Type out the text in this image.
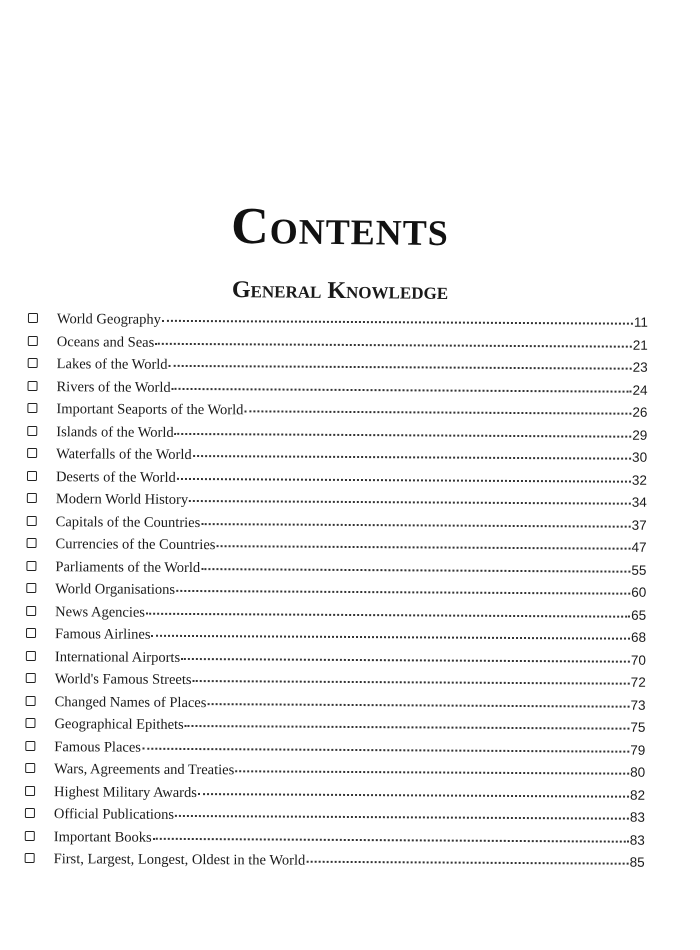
Contents
General Knowledge
World Geography	11
Oceans and Seas	21
Lakes of the World	23
Rivers of the World	24
Important Seaports of the World	26
Islands of the World	29
Waterfalls of the World	30
Deserts of the World	32
Modern World History	34
Capitals of the Countries	37
Currencies of the Countries	47
Parliaments of the World	55
World Organisations	60
News Agencies	65
Famous Airlines	68
International Airports	70
World's Famous Streets	72
Changed Names of Places	73
Geographical Epithets	75
Famous Places	79
Wars, Agreements and Treaties	80
Highest Military Awards	82
Official Publications	83
Important Books	83
First, Largest, Longest, Oldest in the World	85
